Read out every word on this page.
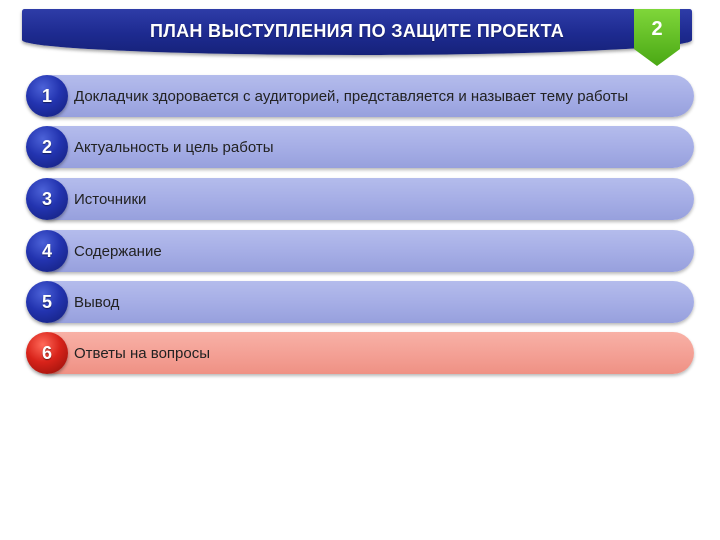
ПЛАН ВЫСТУПЛЕНИЯ ПО ЗАЩИТЕ ПРОЕКТА	2
1	Докладчик здоровается с аудиторией, представляется и называет тему работы
2	Актуальность и цель работы
3	Источники
4	Содержание
5	Вывод
6	Ответы на вопросы
